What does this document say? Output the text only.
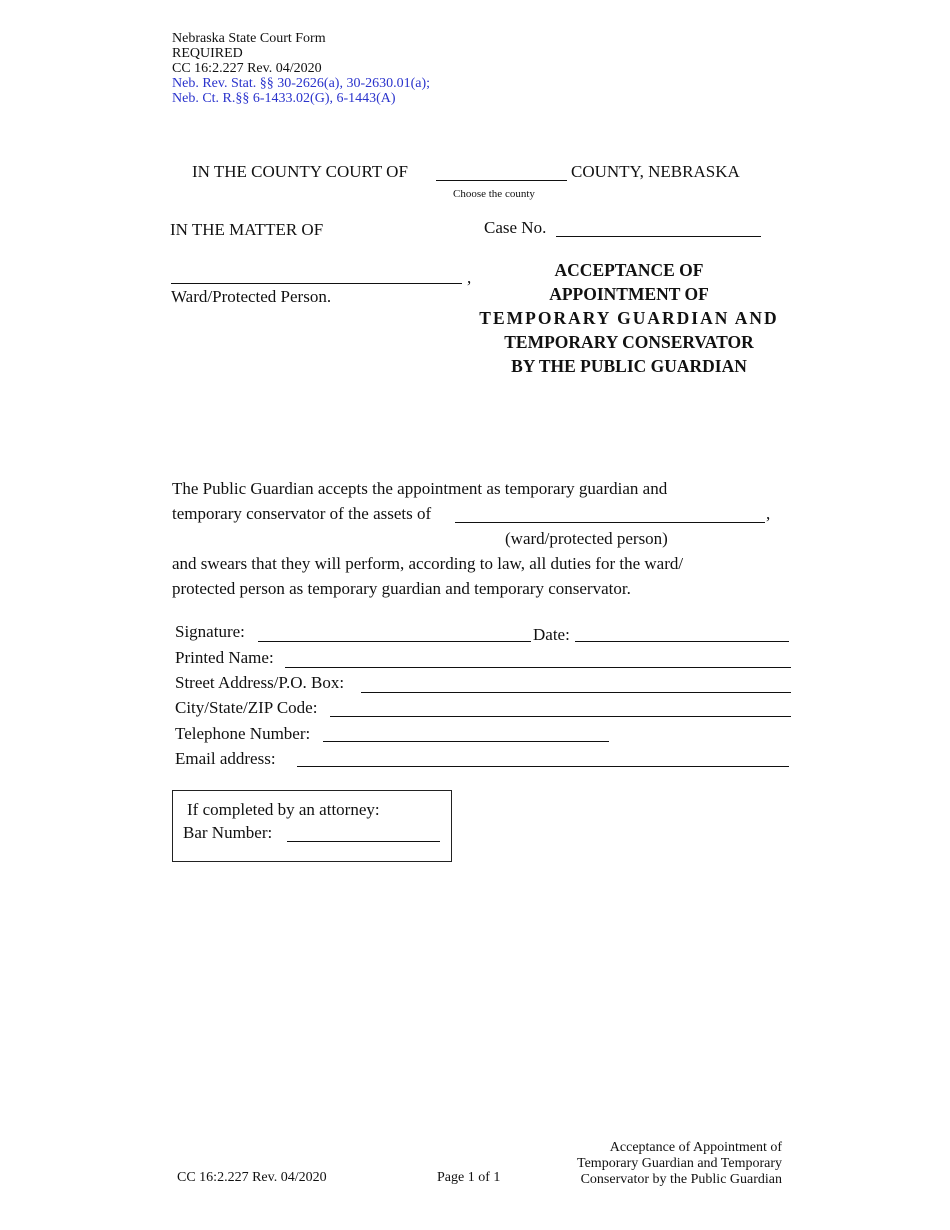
Nebraska State Court Form
REQUIRED
CC 16:2.227 Rev. 04/2020
Neb. Rev. Stat. §§ 30-2626(a), 30-2630.01(a);
Neb. Ct. R.§§ 6-1433.02(G), 6-1443(A)
IN THE COUNTY COURT OF	COUNTY, NEBRASKA
Choose the county
IN THE MATTER OF	Case No.
,
Ward/Protected Person.
ACCEPTANCE OF
APPOINTMENT OF
TEMPORARY GUARDIAN AND
TEMPORARY CONSERVATOR
BY THE PUBLIC GUARDIAN
The Public Guardian accepts the appointment as temporary guardian and
temporary conservator of the assets of	,
(ward/protected person)
and swears that they will perform, according to law, all duties for the ward/
protected person as temporary guardian and temporary conservator.
Signature:	Date:
Printed Name:
Street Address/P.O. Box:
City/State/ZIP Code:
Telephone Number:
Email address:
If completed by an attorney:
Bar Number:
CC 16:2.227 Rev. 04/2020	Page 1 of 1
Acceptance of Appointment of
Temporary Guardian and Temporary
Conservator by the Public Guardian
